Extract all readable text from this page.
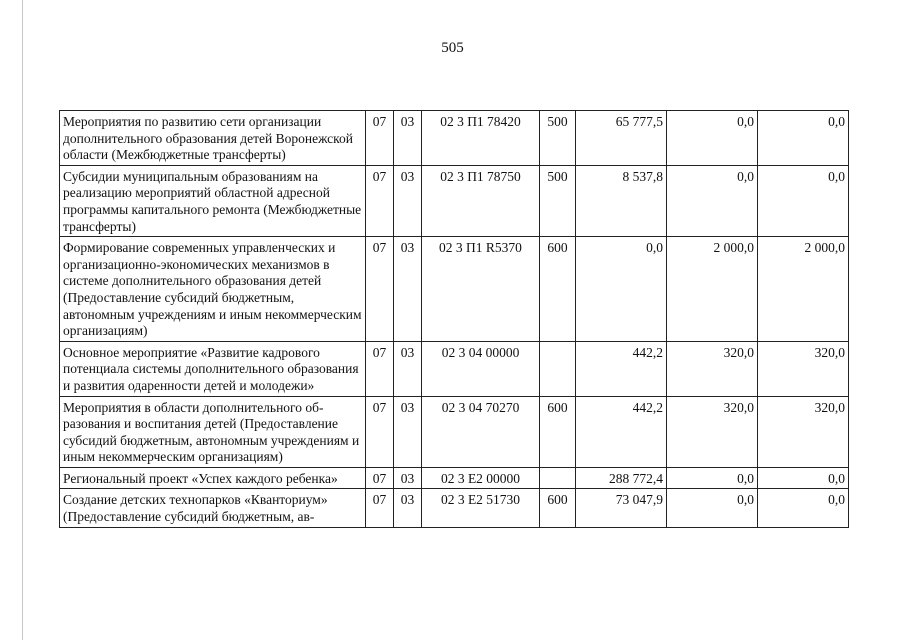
505
Мероприятия по развитию сети организации дополнительного образования детей Воронежской области (Межбюджетные трансферты)	07	03	02 3 П1 78420	500	65 777,5	0,0	0,0
Субсидии муниципальным образованиям на реализацию мероприятий областной адресной программы капитального ремонта (Межбюджетные трансферты)	07	03	02 3 П1 78750	500	8 537,8	0,0	0,0
Формирование современных управленческих и организационно-экономических механизмов в системе дополнительного образования детей (Предоставление субсидий бюджетным, автономным учреждениям и иным некоммерческим организациям)	07	03	02 3 П1 R5370	600	0,0	2 000,0	2 000,0
Основное мероприятие «Развитие кадрового потенциала системы дополнительного образования и развития одаренности детей и молодежи»	07	03	02 3 04 00000		442,2	320,0	320,0
Мероприятия в области дополнительного образования и воспитания детей (Предоставление субсидий бюджетным, автономным учреждениям и иным некоммерческим организациям)	07	03	02 3 04 70270	600	442,2	320,0	320,0
Региональный проект «Успех каждого ребенка»	07	03	02 3 Е2 00000		288 772,4	0,0	0,0
Создание детских технопарков «Кванториум» (Предоставление субсидий бюджетным, ав-	07	03	02 3 Е2 51730	600	73 047,9	0,0	0,0
